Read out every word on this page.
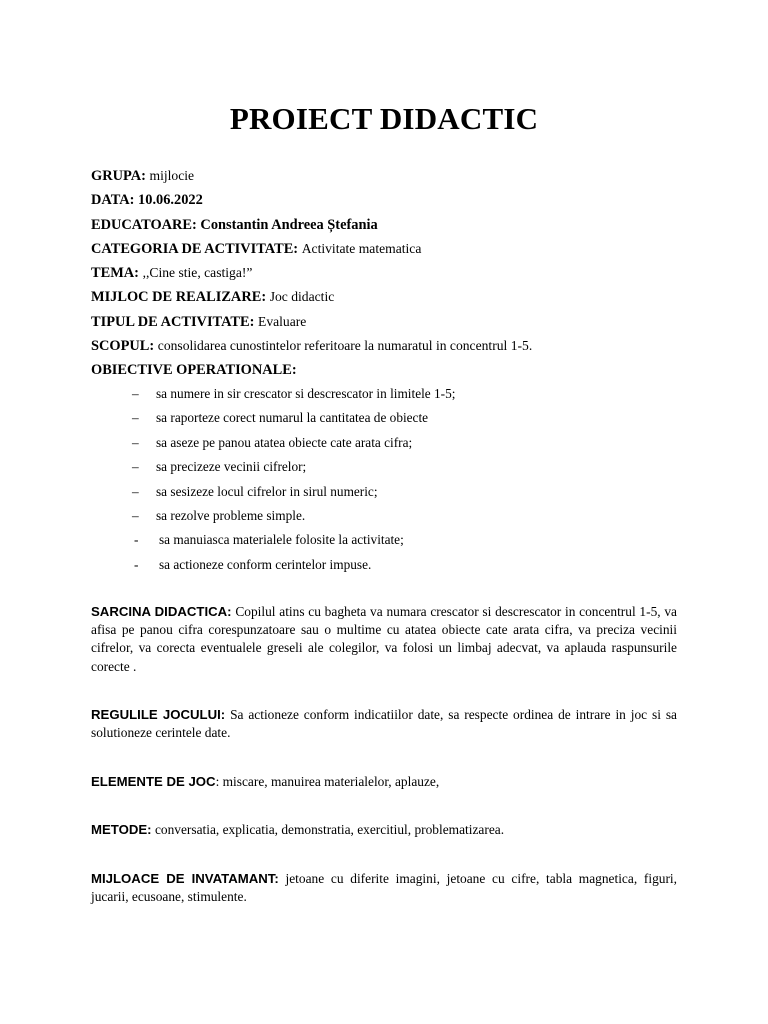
PROIECT DIDACTIC
GRUPA: mijlocie
DATA: 10.06.2022
EDUCATOARE: Constantin Andreea Ștefania
CATEGORIA DE ACTIVITATE: Activitate matematica
TEMA: ,,Cine stie, castiga!”
MIJLOC DE REALIZARE: Joc didactic
TIPUL DE ACTIVITATE: Evaluare
SCOPUL: consolidarea cunostintelor referitoare la numaratul in concentrul 1-5.
OBIECTIVE OPERATIONALE:
– sa numere in sir crescator si descrescator in limitele 1-5;
– sa raporteze corect numarul la cantitatea de obiecte
– sa aseze pe panou atatea obiecte cate arata cifra;
– sa precizeze vecinii cifrelor;
– sa sesizeze locul cifrelor in sirul numeric;
– sa rezolve probleme simple.
- sa manuiasca materialele folosite la activitate;
- sa actioneze conform cerintelor impuse.
SARCINA DIDACTICA: Copilul atins cu bagheta va numara crescator si descrescator in concentrul 1-5, va afisa pe panou cifra corespunzatoare sau o multime cu atatea obiecte cate arata cifra, va preciza vecinii cifrelor, va corecta eventualele greseli ale colegilor, va folosi un limbaj adecvat, va aplauda raspunsurile corecte .
REGULILE JOCULUI: Sa actioneze conform indicatiilor date, sa respecte ordinea de intrare in joc si sa solutioneze cerintele date.
ELEMENTE DE JOC: miscare, manuirea materialelor, aplauze,
METODE: conversatia, explicatia, demonstratia, exercitiul, problematizarea.
MIJLOACE DE INVATAMANT: jetoane cu diferite imagini, jetoane cu cifre, tabla magnetica, figuri, jucarii, ecusoane, stimulente.
